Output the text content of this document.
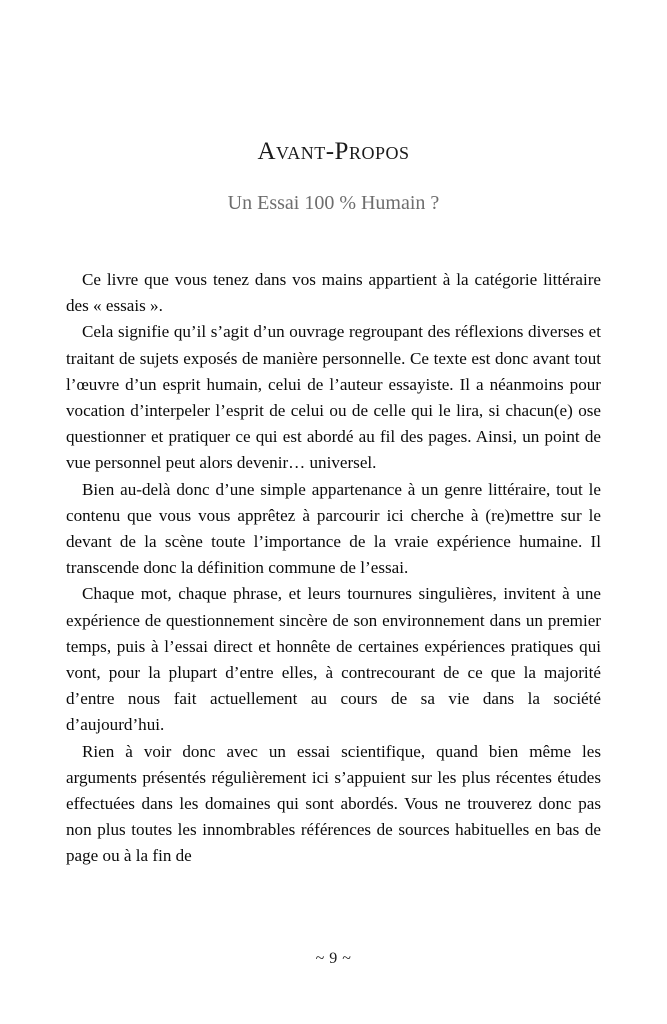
Avant-Propos
Un Essai 100 % Humain ?

Ce livre que vous tenez dans vos mains appartient à la catégorie littéraire des « essais ».

Cela signifie qu’il s’agit d’un ouvrage regroupant des réflexions diverses et traitant de sujets exposés de manière personnelle. Ce texte est donc avant tout l’œuvre d’un esprit humain, celui de l’auteur essayiste. Il a néanmoins pour vocation d’interpeler l’esprit de celui ou de celle qui le lira, si chacun(e) ose questionner et pratiquer ce qui est abordé au fil des pages. Ainsi, un point de vue personnel peut alors devenir… universel.

Bien au-delà donc d’une simple appartenance à un genre littéraire, tout le contenu que vous vous apprêtez à parcourir ici cherche à (re)mettre sur le devant de la scène toute l’importance de la vraie expérience humaine. Il transcende donc la définition commune de l’essai.

Chaque mot, chaque phrase, et leurs tournures singulières, invitent à une expérience de questionnement sincère de son environnement dans un premier temps, puis à l’essai direct et honnête de certaines expériences pratiques qui vont, pour la plupart d’entre elles, à contrecourant de ce que la majorité d’entre nous fait actuellement au cours de sa vie dans la société d’aujourd’hui.

Rien à voir donc avec un essai scientifique, quand bien même les arguments présentés régulièrement ici s’appuient sur les plus récentes études effectuées dans les domaines qui sont abordés. Vous ne trouverez donc pas non plus toutes les innombrables références de sources habituelles en bas de page ou à la fin de

~ 9 ~
